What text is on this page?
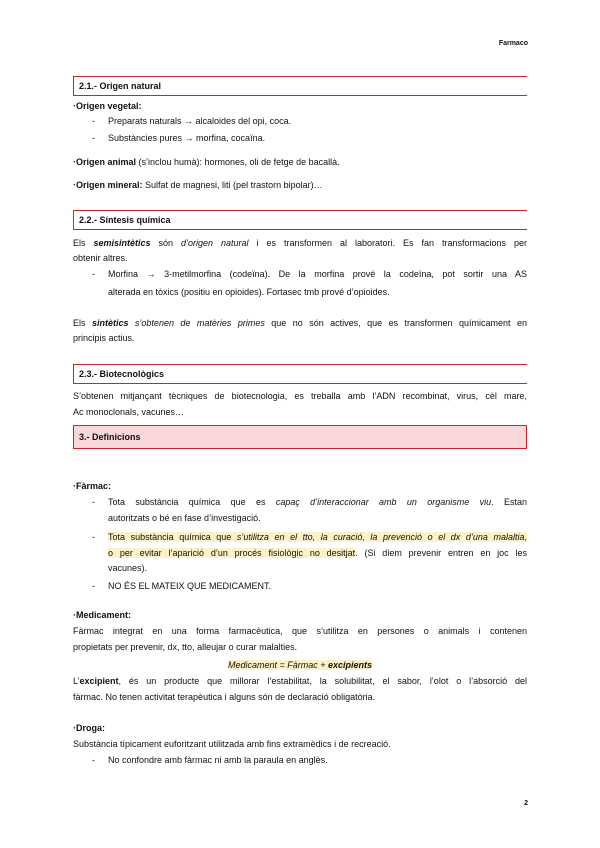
Farmaco
2.1.- Origen natural
·Origen vegetal:
- Preparats naturals → alcaloides del opi, coca.
- Substàncies pures → morfina, cocaïna.
·Origen animal (s’inclou humà): hormones, oli de fetge de bacallà.
·Origen mineral: Sulfat de magnesi, liti (pel trastorn bipolar)…
2.2.- Síntesis química
Els semisintètics són d’origen natural i es transformen al laboratori. Es fan transformacions per
obtenir altres.
- Morfina → 3-metilmorfina (codeïna). De la morfina prové la codeïna, pot sortir una AS
alterada en tòxics (positiu en opioides). Fortasec tmb prové d’opioides.
Els sintètics s’obtenen de matèries primes que no són actives, que es transformen químicament en
principis actius.
2.3.- Biotecnològics
S’obtenen mitjançant tècniques de biotecnologia, es treballa amb l’ADN recombinat, virus, cèl mare,
Ac monoclonals, vacunes…
3.- Definicions
·Fàrmac:
- Tota substància química que es capaç d’interaccionar amb un organisme viu. Estan
autoritzats o bé en fase d’investigació.
- Tota substància química que s’utilitza en el tto, la curació, la prevenció o el dx d’una malaltia,
o per evitar l’aparició d’un procés fisiològic no desitjat. (Si diem prevenir entren en joc les
vacunes).
- NO ÉS EL MATEIX QUE MEDICAMENT.
·Medicament:
Fàrmac integrat en una forma farmacèutica, que s’utilitza en persones o animals i contenen
propietats per prevenir, dx, tto, alleujar o curar malalties.
Medicament = Fàrmac + excipients
L’excipient, és un producte que millorar l’estabilitat, la solubilitat, el sabor, l’olot o l’absorció del
fàrmac. No tenen activitat terapèutica i alguns són de declaració obligatòria.
·Droga:
Substància típicament euforitzant utilitzada amb fins extramèdics i de recreació.
- No confondre amb fàrmac ni amb la paraula en anglès.
2
